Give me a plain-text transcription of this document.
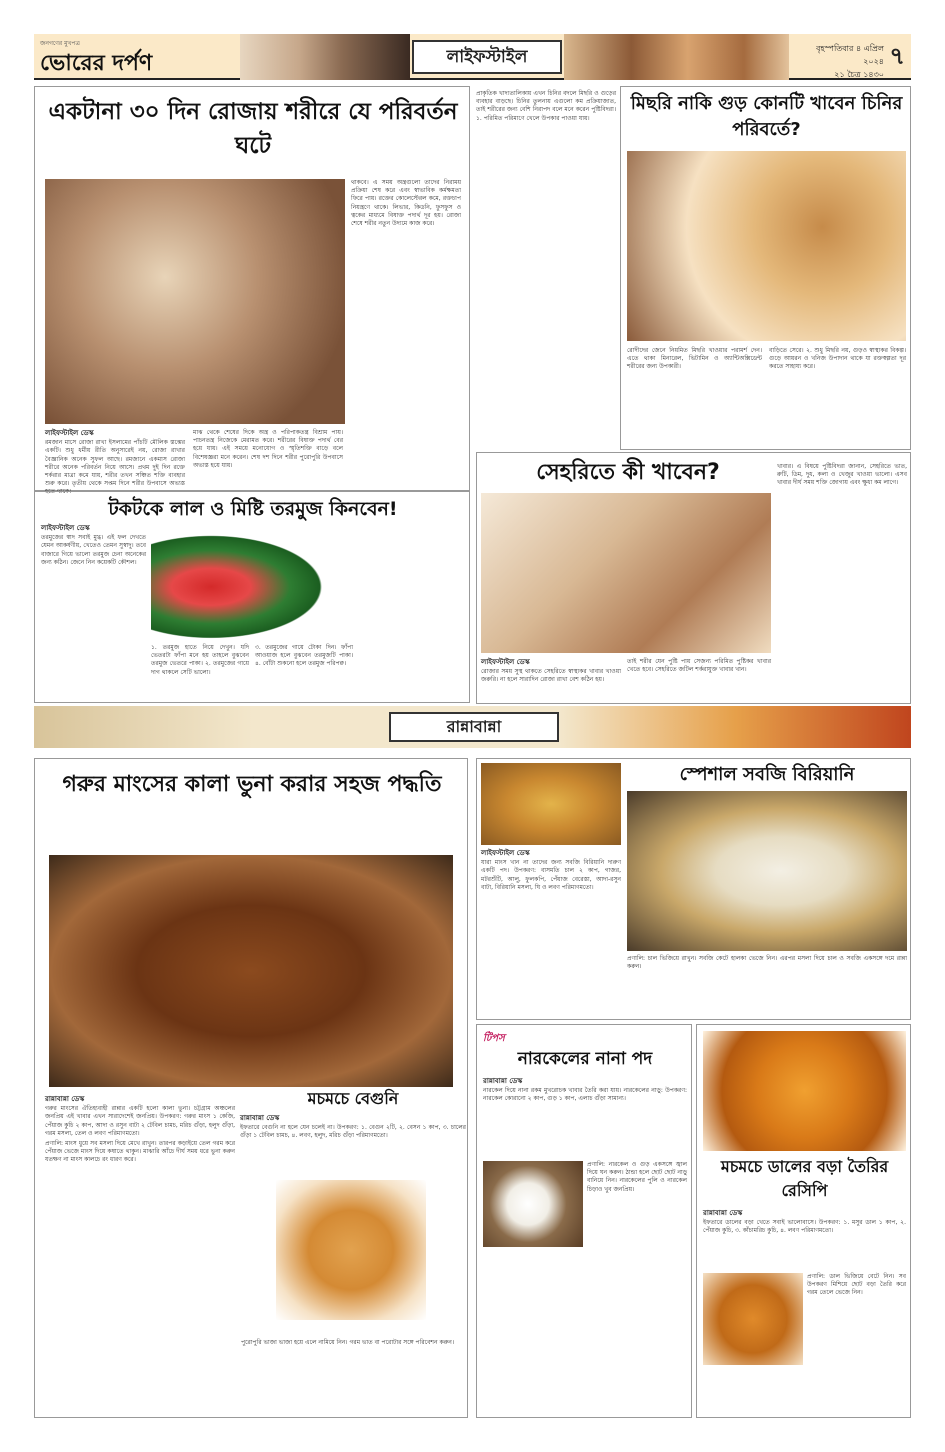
জনগণের মুখপত্র
ভোরের দর্পণ	লাইফস্টাইল	বৃহস্পতিবার ৪ এপ্রিল ২০২৪
২১ চৈত্র ১৪৩০
৭
একটানা ৩০ দিন রোজায় শরীরে যে পরিবর্তন ঘটে
লাইফস্টাইল ডেস্ক

রমজান মাসে রোজা রাখা ইসলামের পাঁচটি মৌলিক স্তম্ভের একটি। শুধু ধর্মীয় রীতি অনুসারেই নয়, রোজা রাখার বৈজ্ঞানিক অনেক সুফল আছে। রমজানে একমাস রোজা শরীরে অনেক পরিবর্তন নিয়ে আসে। প্রথম দুই দিন রক্তে শর্করার মাত্রা কমে যায়, শরীর তখন সঞ্চিত শক্তি ব্যবহার শুরু করে। তৃতীয় থেকে সপ্তম দিনে শরীর উপবাসে অভ্যস্ত হতে থাকে।

মাঝ থেকে শেষের দিকে অন্ত্র ও পরিপাকতন্ত্র বিশ্রাম পায়। পাচনতন্ত্র নিজেকে মেরামত করে। শরীরের বিষাক্ত পদার্থ বের হয়ে যায়। এই সময়ে মনোযোগ ও স্মৃতিশক্তি বাড়ে বলে বিশেষজ্ঞরা মনে করেন। শেষ দশ দিনে শরীর পুরোপুরি উপবাসে অভ্যস্ত হয়ে যায়।

থাকবে। এ সময় অন্ত্রগুলো তাদের নিরাময় প্রক্রিয়া শেষ করে এবং স্বাভাবিক কর্মক্ষমতা ফিরে পায়। রক্তের কোলেস্টেরল কমে, রক্তচাপ নিয়ন্ত্রণে থাকে। লিভার, কিডনি, ফুসফুস ও ত্বকের মাধ্যমে বিষাক্ত পদার্থ দূর হয়। রোজা শেষে শরীর নতুন উদ্যমে কাজ করে।

টকটকে লাল ও মিষ্টি তরমুজ কিনবেন!
লাইফস্টাইল ডেস্ক

তরমুজের স্বাদ সবাই মুগ্ধ। এই ফল দেখতে যেমন আকর্ষণীয়, খেতেও তেমন সুস্বাদু। তবে বাজারে গিয়ে ভালো তরমুজ চেনা অনেকের জন্য কঠিন। জেনে নিন কয়েকটি কৌশল।

১. তরমুজ হাতে নিয়ে দেখুন। যদি ভেতরটা ফাঁপা মনে হয় তাহলে বুঝবেন তরমুজ ভেতরে পাকা। ২. তরমুজের গায়ে দাগ থাকলে সেটি ভালো।

৩. তরমুজের গায়ে টোকা দিন। ফাঁপা আওয়াজ হলে বুঝবেন তরমুজটি পাকা। ৪. বোঁটা শুকনো হলে তরমুজ পরিপক্ব।

প্রাকৃতিক খাদ্যতালিকায় এখন চিনির বদলে মিছরি ও গুড়ের ব্যবহার বাড়ছে। চিনির তুলনায় এগুলো কম প্রক্রিয়াজাত, তাই শরীরের জন্য বেশি নিরাপদ বলে মনে করেন পুষ্টিবিদরা। ১. পরিমিত পরিমাণে খেলে উপকার পাওয়া যায়।

মিছরি নাকি গুড় কোনটি খাবেন চিনির পরিবর্তে?

রোদীদের জেনে নিয়মিত মিছরি খাওয়ার পরামর্শ দেন। এতে থাকা মিনারেল, ভিটামিন ও অ্যান্টিঅক্সিডেন্ট শরীরের জন্য উপকারী।

বাড়িতে সেরে। ২. শুধু মিছরি নয়, গুড়ও স্বাস্থ্যকর বিকল্প। গুড়ে আয়রন ও খনিজ উপাদান থাকে যা রক্তস্বল্পতা দূর করতে সাহায্য করে।

সেহরিতে কী খাবেন?
লাইফস্টাইল ডেস্ক

রোজার সময় সুস্থ থাকতে সেহরিতে স্বাস্থ্যকর খাবার খাওয়া জরুরি। না হলে সারাদিন রোজা রাখা বেশ কঠিন হয়।

তাই শরীর যেন পুষ্টি পায় সেজন্য পরিমিত পুষ্টিকর খাবার খেতে হবে। সেহরিতে জটিল শর্করাযুক্ত খাবার খান।

খাবার। এ বিষয়ে পুষ্টিবিদরা জানান, সেহরিতে ভাত, রুটি, ডিম, দুধ, কলা ও খেজুর খাওয়া ভালো। এসব খাবার দীর্ঘ সময় শক্তি জোগায় এবং ক্ষুধা কম লাগে।

রান্নাবান্না
গরুর মাংসের কালা ভুনা করার সহজ পদ্ধতি
রান্নাবান্না ডেস্ক

গরুর মাংসের ঐতিহ্যবাহী রান্নার একটি হলো কালা ভুনা। চট্টগ্রাম অঞ্চলের জনপ্রিয় এই খাবার এখন সারাদেশেই জনপ্রিয়। উপকরণ: গরুর মাংস ১ কেজি, পেঁয়াজ কুচি ২ কাপ, আদা ও রসুন বাটা ২ টেবিল চামচ, মরিচ গুঁড়া, হলুদ গুঁড়া, গরম মসলা, তেল ও লবণ পরিমাণমতো।

প্রণালি: মাংস ধুয়ে সব মসলা দিয়ে মেখে রাখুন। তারপর কড়াইয়ে তেল গরম করে পেঁয়াজ ভেজে মাংস দিয়ে কষাতে থাকুন। মাঝারি আঁচে দীর্ঘ সময় ধরে ভুনা করুন যতক্ষণ না মাংস কালচে রং ধারণ করে।

পুরোপুরি ভাজা ভাজা হয়ে এলে নামিয়ে নিন। গরম ভাত বা পরোটার সঙ্গে পরিবেশন করুন।

মচমচে বেগুনি
রান্নাবান্না ডেস্ক

ইফতারে বেগুনি না হলে যেন চলেই না। উপকরণ: ১. বেগুন ২টি, ২. বেসন ১ কাপ, ৩. চালের গুঁড়া ১ টেবিল চামচ, ৪. লবণ, হলুদ, মরিচ গুঁড়া পরিমাণমতো।

স্পেশাল সবজি বিরিয়ানি
লাইফস্টাইল ডেস্ক

যারা মাংস খান না তাদের জন্য সবজি বিরিয়ানি দারুণ একটি পদ। উপকরণ: বাসমতি চাল ২ কাপ, গাজর, মটরশুঁটি, আলু, ফুলকপি, পেঁয়াজ বেরেস্তা, আদা-রসুন বাটা, বিরিয়ানি মসলা, ঘি ও লবণ পরিমাণমতো।

প্রণালি: চাল ভিজিয়ে রাখুন। সবজি কেটে হালকা ভেজে নিন। এরপর মসলা দিয়ে চাল ও সবজি একসঙ্গে দমে রান্না করুন।

টিপস
নারকেলের নানা পদ
রান্নাবান্না ডেস্ক

নারকেল দিয়ে নানা রকম মুখরোচক খাবার তৈরি করা যায়। নারকেলের নাড়ু: উপকরণ: নারকেল কোরানো ২ কাপ, গুড় ১ কাপ, এলাচ গুঁড়া সামান্য।

প্রণালি: নারকেল ও গুড় একসঙ্গে জ্বাল দিয়ে ঘন করুন। ঠান্ডা হলে ছোট ছোট নাড়ু বানিয়ে নিন। নারকেলের পুলি ও নারকেল চিড়াও খুব জনপ্রিয়।

মচমচে ডালের বড়া তৈরির রেসিপি
রান্নাবান্না ডেস্ক

ইফতারে ডালের বড়া খেতে সবাই ভালোবাসে। উপকরণ: ১. মসুর ডাল ১ কাপ, ২. পেঁয়াজ কুচি, ৩. কাঁচামরিচ কুচি, ৪. লবণ পরিমাণমতো।

প্রণালি: ডাল ভিজিয়ে বেটে নিন। সব উপকরণ মিশিয়ে ছোট বড়া তৈরি করে গরম তেলে ভেজে নিন।
